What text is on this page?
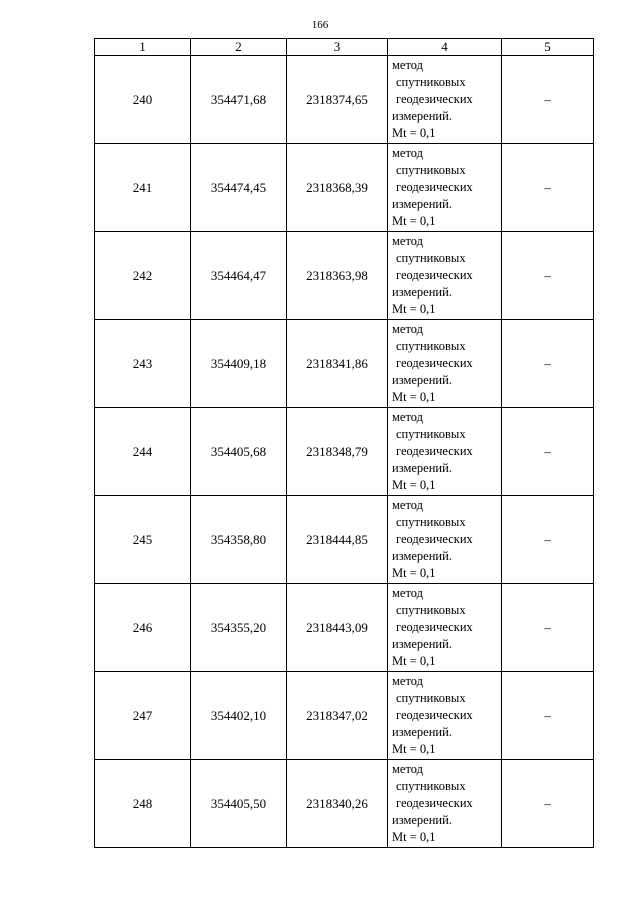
166
1	2	3	4	5
240	354471,68	2318374,65	метод
спутниковых
геодезических
измерений.
Mt = 0,1	–
241	354474,45	2318368,39	метод
спутниковых
геодезических
измерений.
Mt = 0,1	–
242	354464,47	2318363,98	метод
спутниковых
геодезических
измерений.
Mt = 0,1	–
243	354409,18	2318341,86	метод
спутниковых
геодезических
измерений.
Mt = 0,1	–
244	354405,68	2318348,79	метод
спутниковых
геодезических
измерений.
Mt = 0,1	–
245	354358,80	2318444,85	метод
спутниковых
геодезических
измерений.
Mt = 0,1	–
246	354355,20	2318443,09	метод
спутниковых
геодезических
измерений.
Mt = 0,1	–
247	354402,10	2318347,02	метод
спутниковых
геодезических
измерений.
Mt = 0,1	–
248	354405,50	2318340,26	метод
спутниковых
геодезических
измерений.
Mt = 0,1	–
